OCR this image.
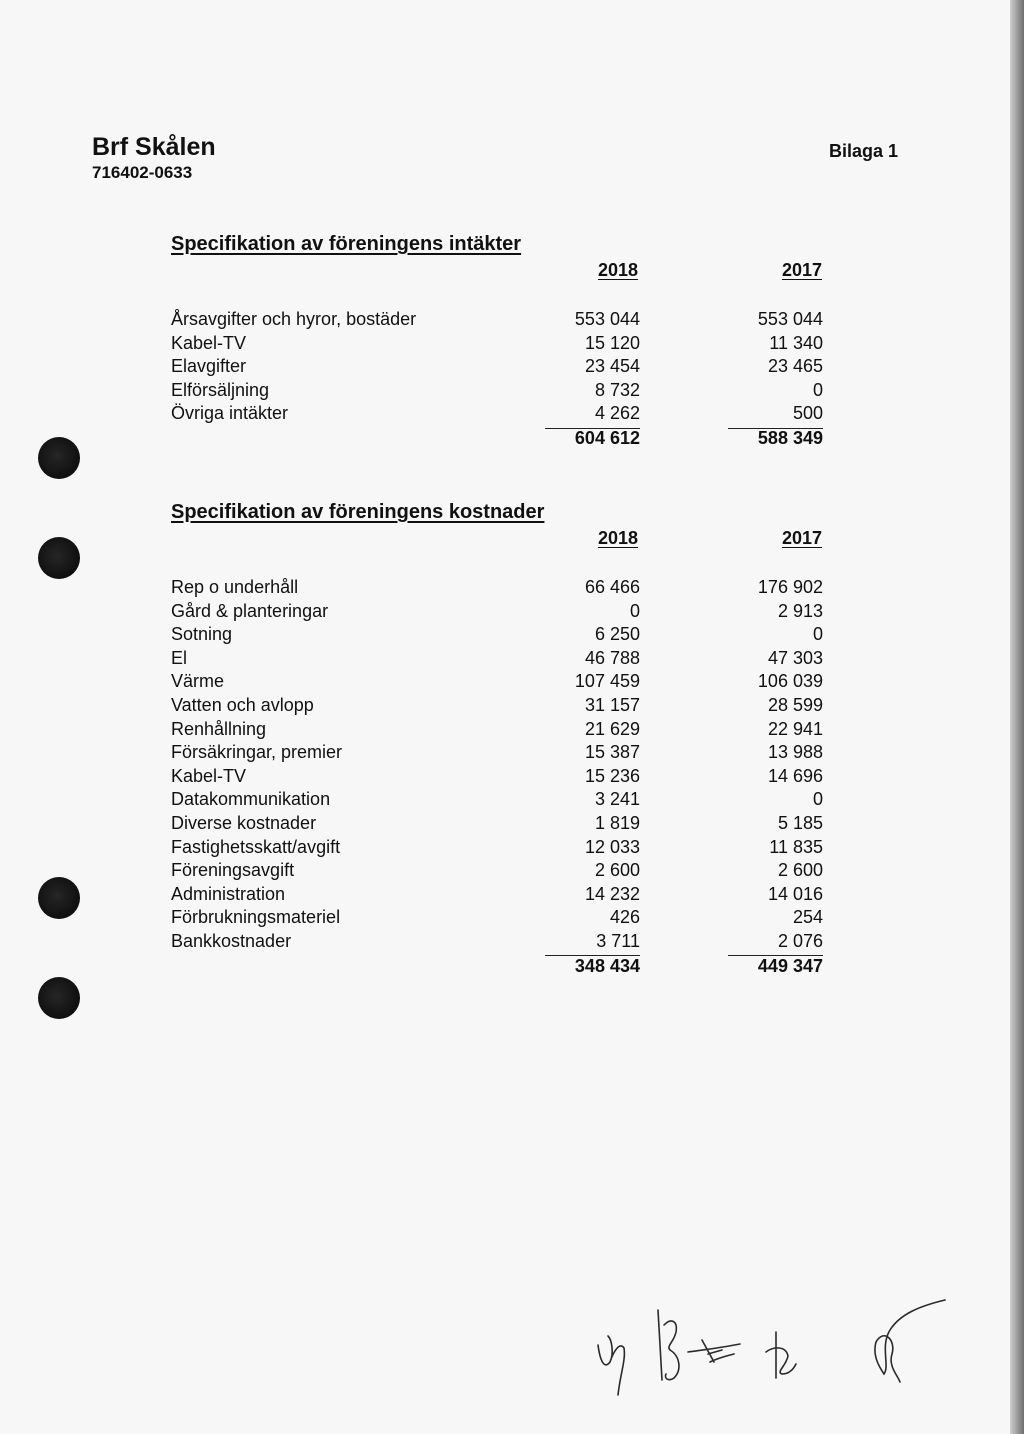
Brf Skålen
716402-0633
Bilaga 1
Specifikation av föreningens intäkter
2018	2017
Årsavgifter och hyror, bostäder	553 044	553 044
Kabel-TV	15 120	11 340
Elavgifter	23 454	23 465
Elförsäljning	8 732	0
Övriga intäkter	4 262	500
604 612	588 349
Specifikation av föreningens kostnader
2018	2017
Rep o underhåll	66 466	176 902
Gård & planteringar	0	2 913
Sotning	6 250	0
El	46 788	47 303
Värme	107 459	106 039
Vatten och avlopp	31 157	28 599
Renhållning	21 629	22 941
Försäkringar, premier	15 387	13 988
Kabel-TV	15 236	14 696
Datakommunikation	3 241	0
Diverse kostnader	1 819	5 185
Fastighetsskatt/avgift	12 033	11 835
Föreningsavgift	2 600	2 600
Administration	14 232	14 016
Förbrukningsmateriel	426	254
Bankkostnader	3 711	2 076
348 434	449 347
